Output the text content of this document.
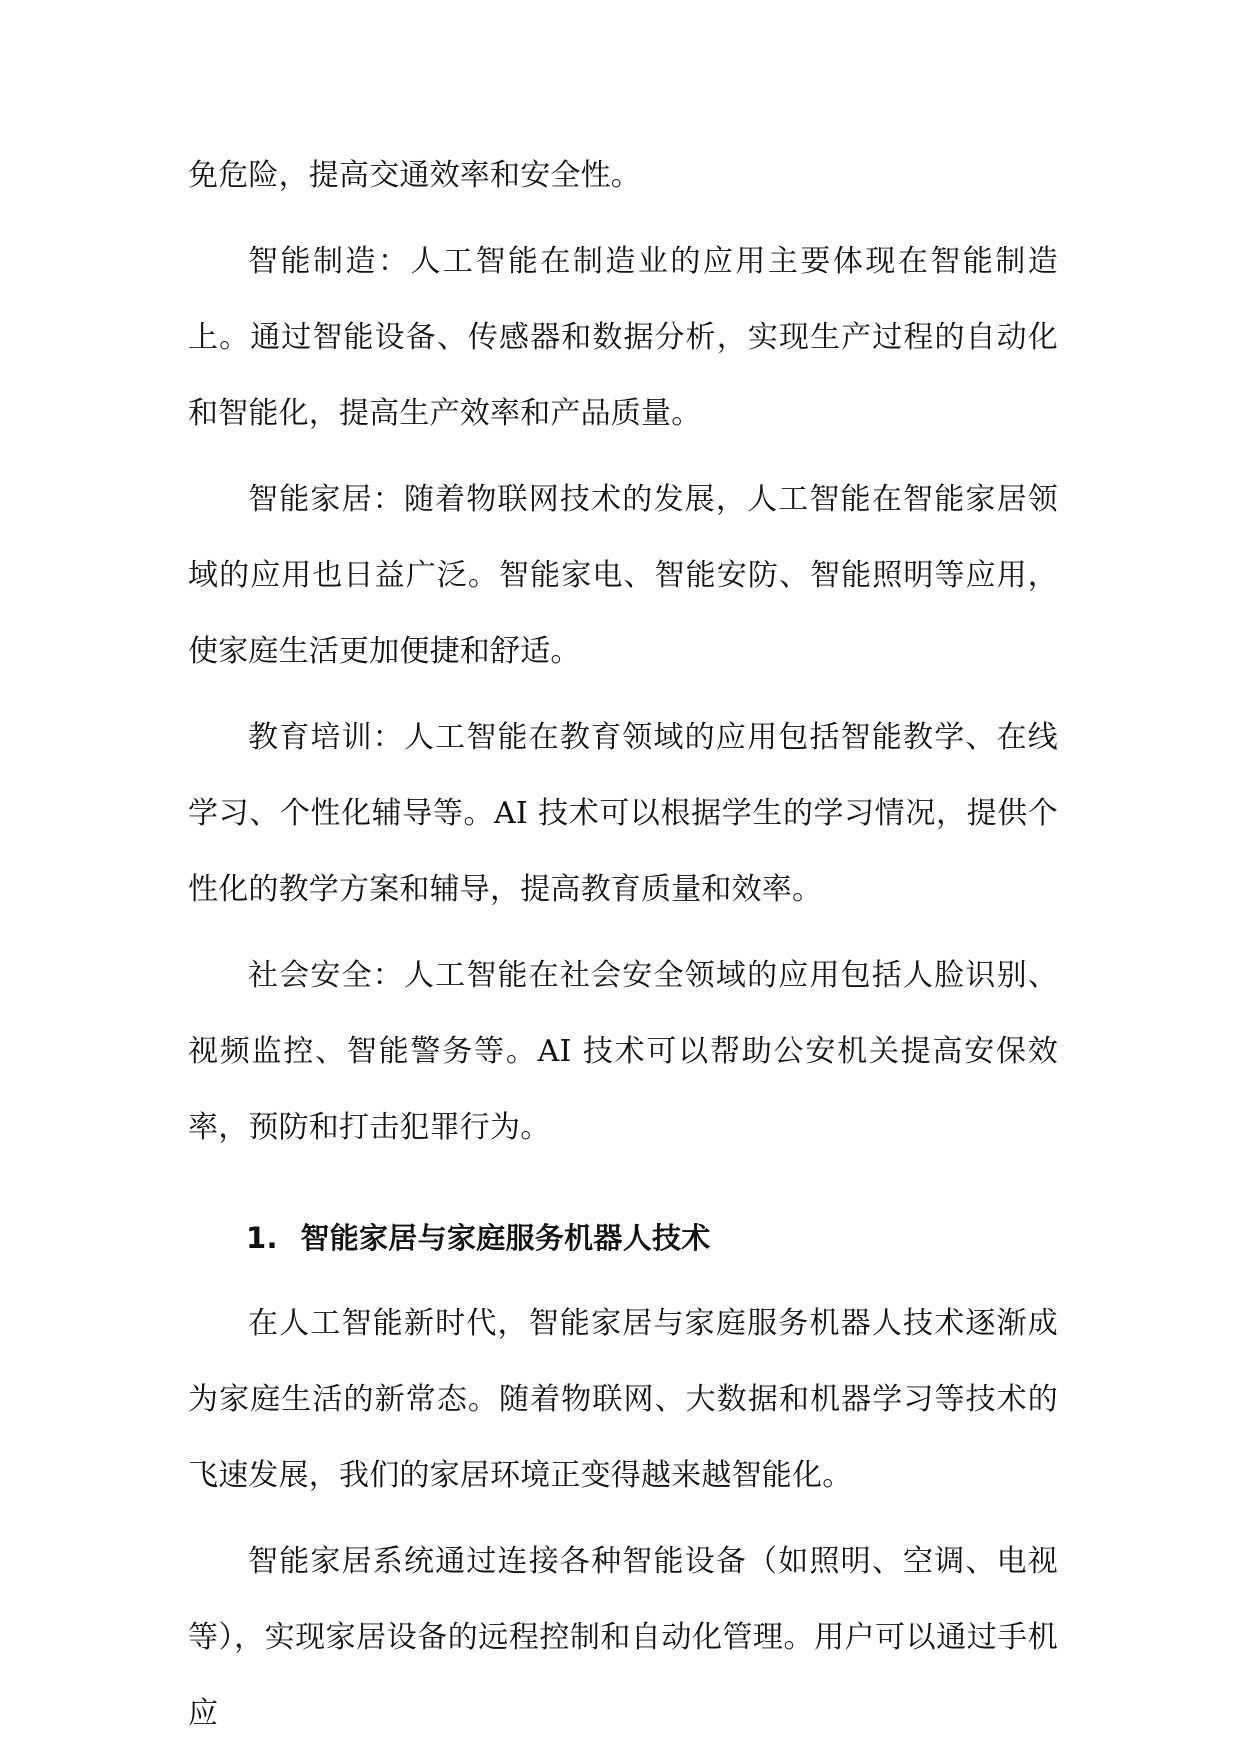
免危险，提高交通效率和安全性。

智能制造：人工智能在制造业的应用主要体现在智能制造上。通过智能设备、传感器和数据分析，实现生产过程的自动化和智能化，提高生产效率和产品质量。

智能家居：随着物联网技术的发展，人工智能在智能家居领域的应用也日益广泛。智能家电、智能安防、智能照明等应用，使家庭生活更加便捷和舒适。

教育培训：人工智能在教育领域的应用包括智能教学、在线学习、个性化辅导等。AI 技术可以根据学生的学习情况，提供个性化的教学方案和辅导，提高教育质量和效率。

社会安全：人工智能在社会安全领域的应用包括人脸识别、视频监控、智能警务等。AI 技术可以帮助公安机关提高安保效率，预防和打击犯罪行为。

1. 智能家居与家庭服务机器人技术

在人工智能新时代，智能家居与家庭服务机器人技术逐渐成为家庭生活的新常态。随着物联网、大数据和机器学习等技术的飞速发展，我们的家居环境正变得越来越智能化。

智能家居系统通过连接各种智能设备（如照明、空调、电视等），实现家居设备的远程控制和自动化管理。用户可以通过手机应
